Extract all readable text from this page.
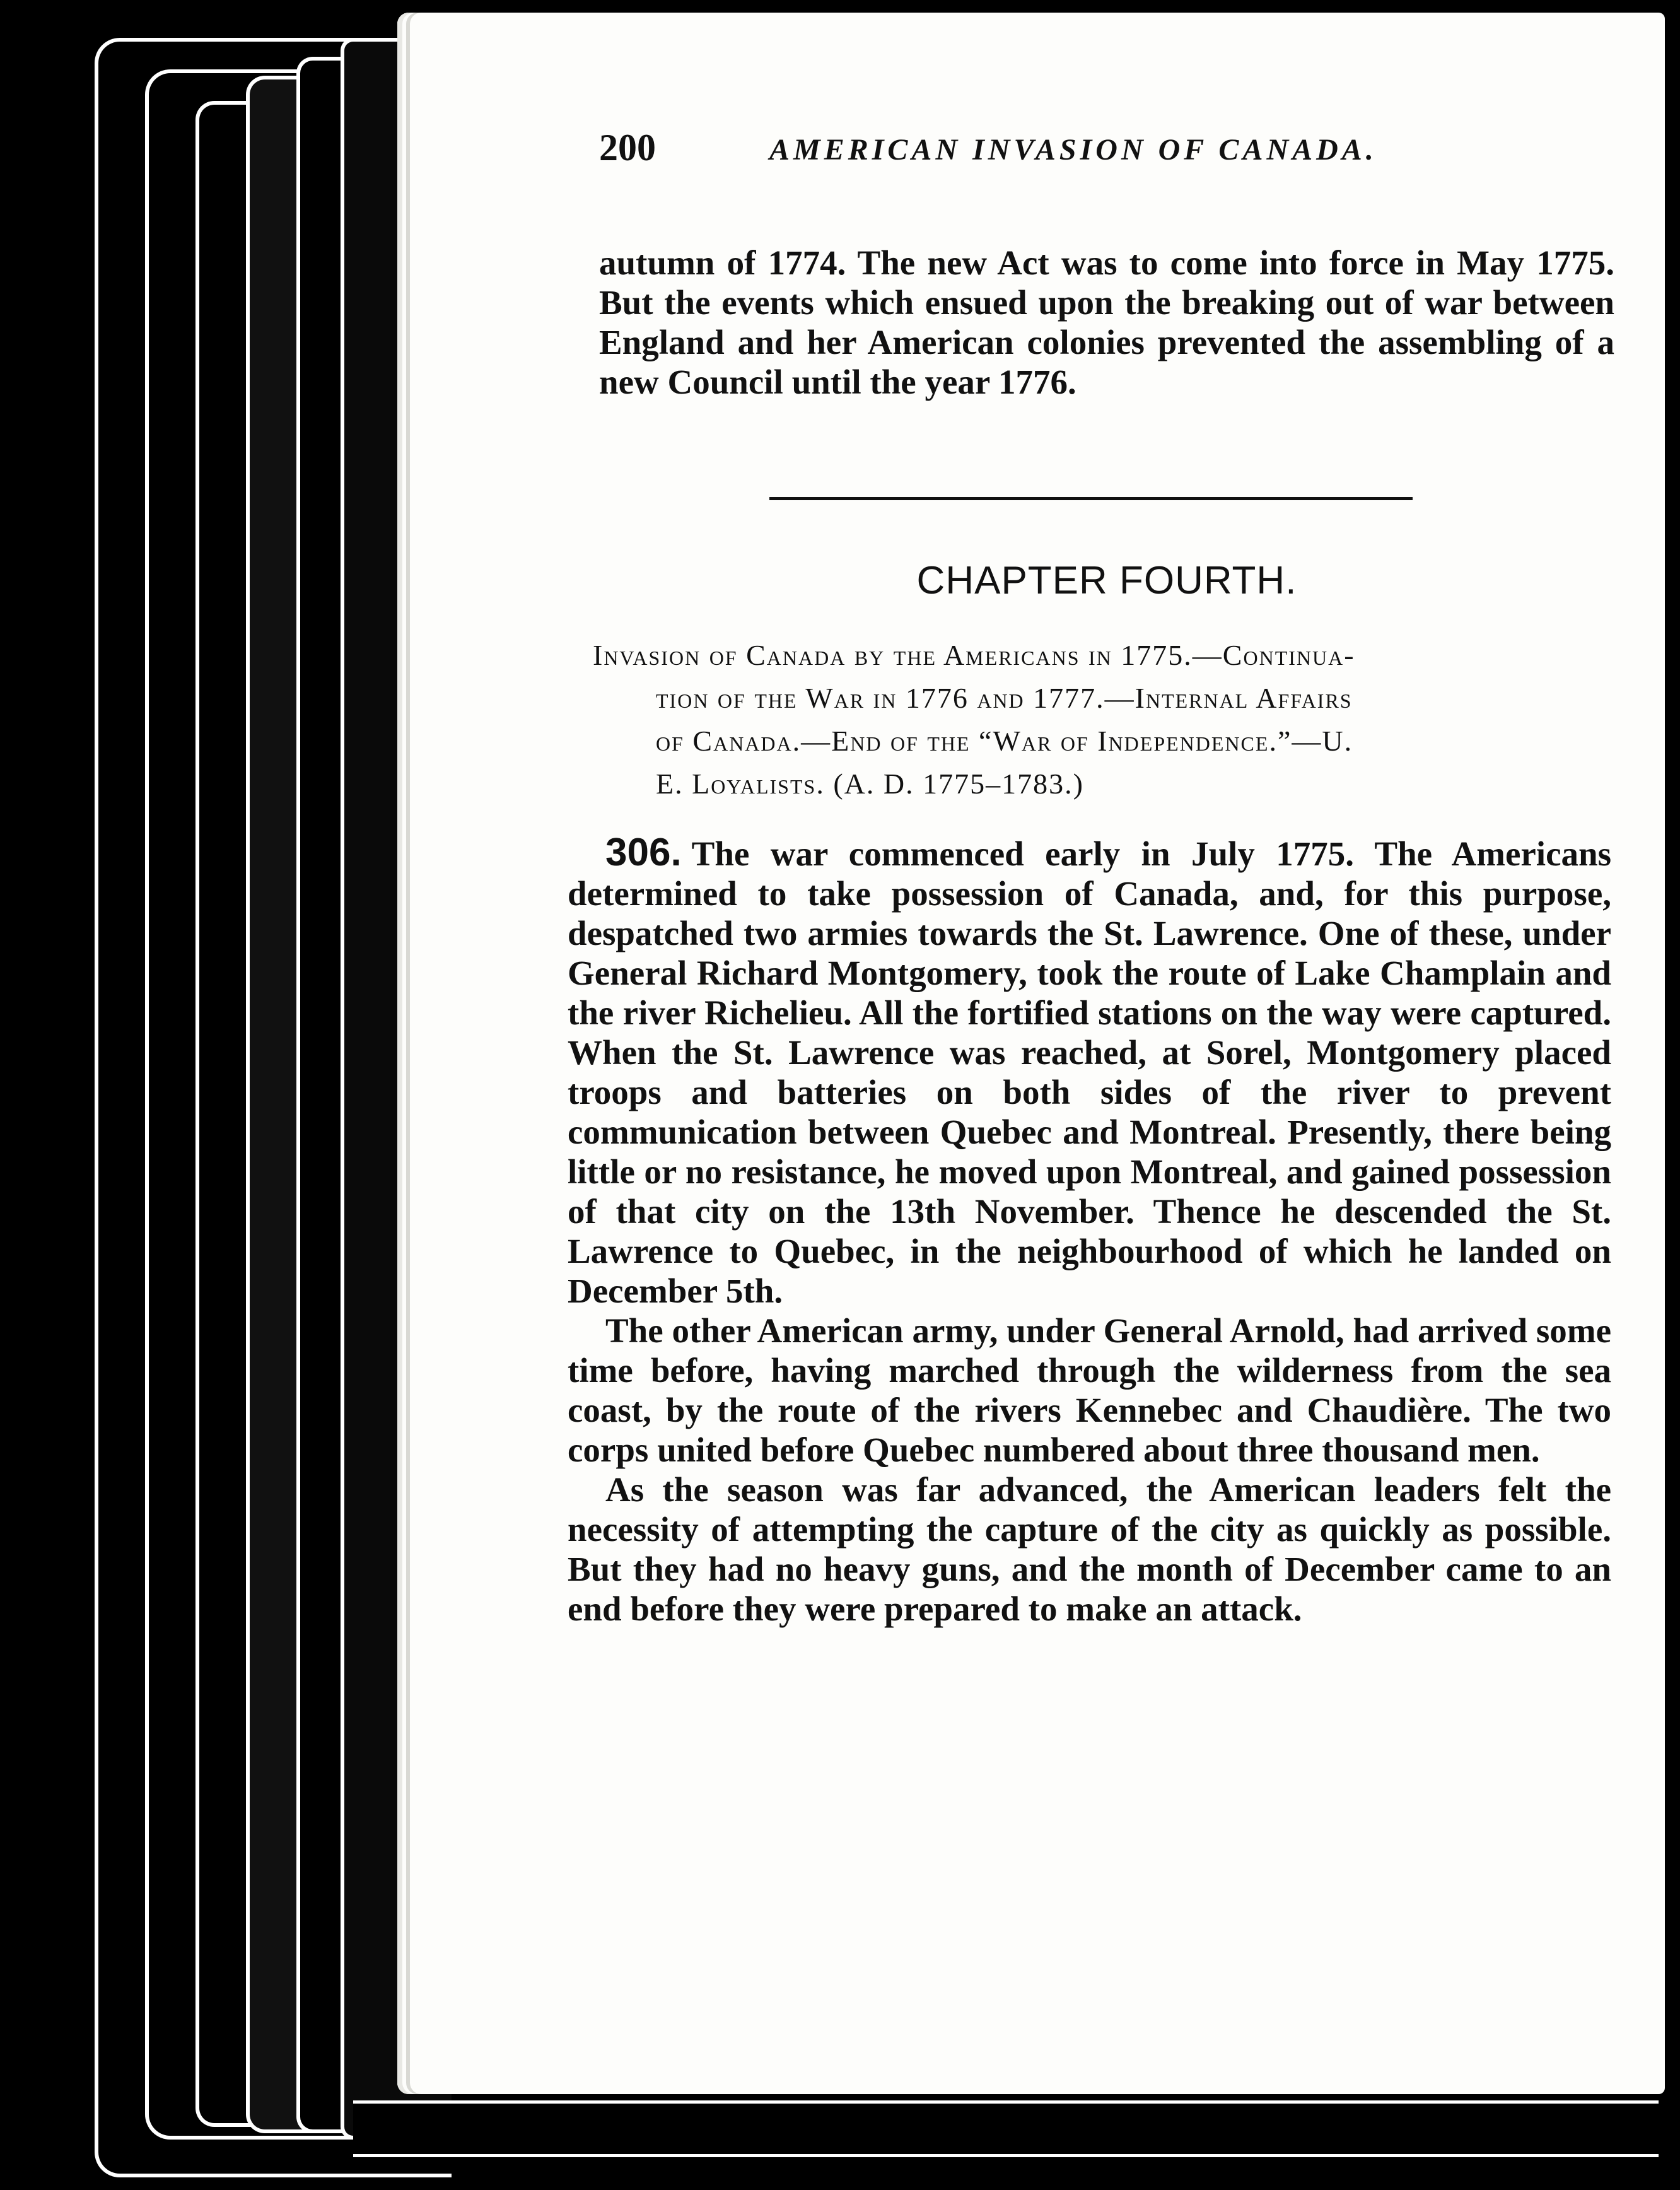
200	AMERICAN INVASION OF CANADA.

autumn of 1774. The new Act was to come into force in May 1775. But the events which ensued upon the breaking out of war between England and her American colonies prevented the assembling of a new Council until the year 1776.

CHAPTER FOURTH.
Invasion of Canada by the Americans in 1775.—Continua-
tion of the War in 1776 and 1777.—Internal Affairs
of Canada.—End of the “War of Independence.”—U.
E. Loyalists. (A. D. 1775–1783.)

306. The war commenced early in July 1775. The Americans determined to take possession of Canada, and, for this purpose, despatched two armies towards the St. Lawrence. One of these, under General Richard Montgomery, took the route of Lake Champlain and the river Richelieu. All the fortified stations on the way were captured. When the St. Lawrence was reached, at Sorel, Montgomery placed troops and batteries on both sides of the river to prevent communication between Quebec and Montreal. Presently, there being little or no resistance, he moved upon Montreal, and gained possession of that city on the 13th November. Thence he descended the St. Lawrence to Quebec, in the neighbourhood of which he landed on December 5th.

The other American army, under General Arnold, had arrived some time before, having marched through the wilderness from the sea coast, by the route of the rivers Kennebec and Chaudière. The two corps united before Quebec numbered about three thousand men.

As the season was far advanced, the American leaders felt the necessity of attempting the capture of the city as quickly as possible. But they had no heavy guns, and the month of December came to an end before they were prepared to make an attack.
